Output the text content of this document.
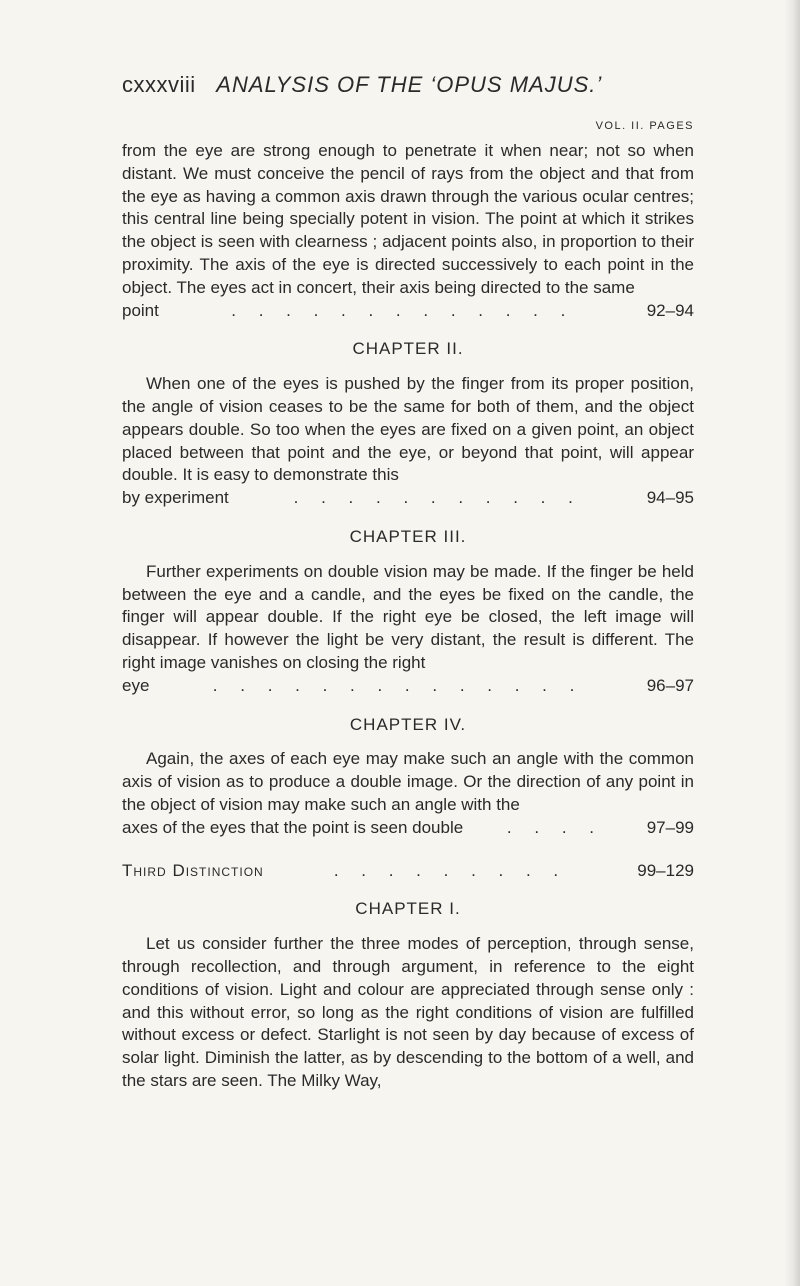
cxxxviii ANALYSIS OF THE ‘OPUS MAJUS.’
VOL. II. PAGES

from the eye are strong enough to penetrate it when near; not so when distant. We must conceive the pencil of rays from the object and that from the eye as having a common axis drawn through the various ocular centres; this central line being specially potent in vision. The point at which it strikes the object is seen with clearness ; adjacent points also, in proportion to their proximity. The axis of the eye is directed successively to each point in the object. The eyes act in concert, their axis being directed to the same

point	. . . . . . . . . . . . .	92–94
CHAPTER II.

When one of the eyes is pushed by the finger from its proper position, the angle of vision ceases to be the same for both of them, and the object appears double. So too when the eyes are fixed on a given point, an object placed between that point and the eye, or beyond that point, will appear double. It is easy to demonstrate this

by experiment	. . . . . . . . . . .	94–95
CHAPTER III.

Further experiments on double vision may be made. If the finger be held between the eye and a candle, and the eyes be fixed on the candle, the finger will appear double. If the right eye be closed, the left image will disappear. If however the light be very distant, the result is different. The right image vanishes on closing the right

eye	. . . . . . . . . . . . . .	96–97
CHAPTER IV.

Again, the axes of each eye may make such an angle with the common axis of vision as to produce a double image. Or the direction of any point in the object of vision may make such an angle with the

axes of the eyes that the point is seen double	. . . .	97–99
Third Distinction	. . . . . . . . .	99–129
CHAPTER I.

Let us consider further the three modes of perception, through sense, through recollection, and through argument, in reference to the eight conditions of vision. Light and colour are appreciated through sense only : and this without error, so long as the right conditions of vision are fulfilled without excess or defect. Starlight is not seen by day because of excess of solar light. Diminish the latter, as by descending to the bottom of a well, and the stars are seen. The Milky Way,
